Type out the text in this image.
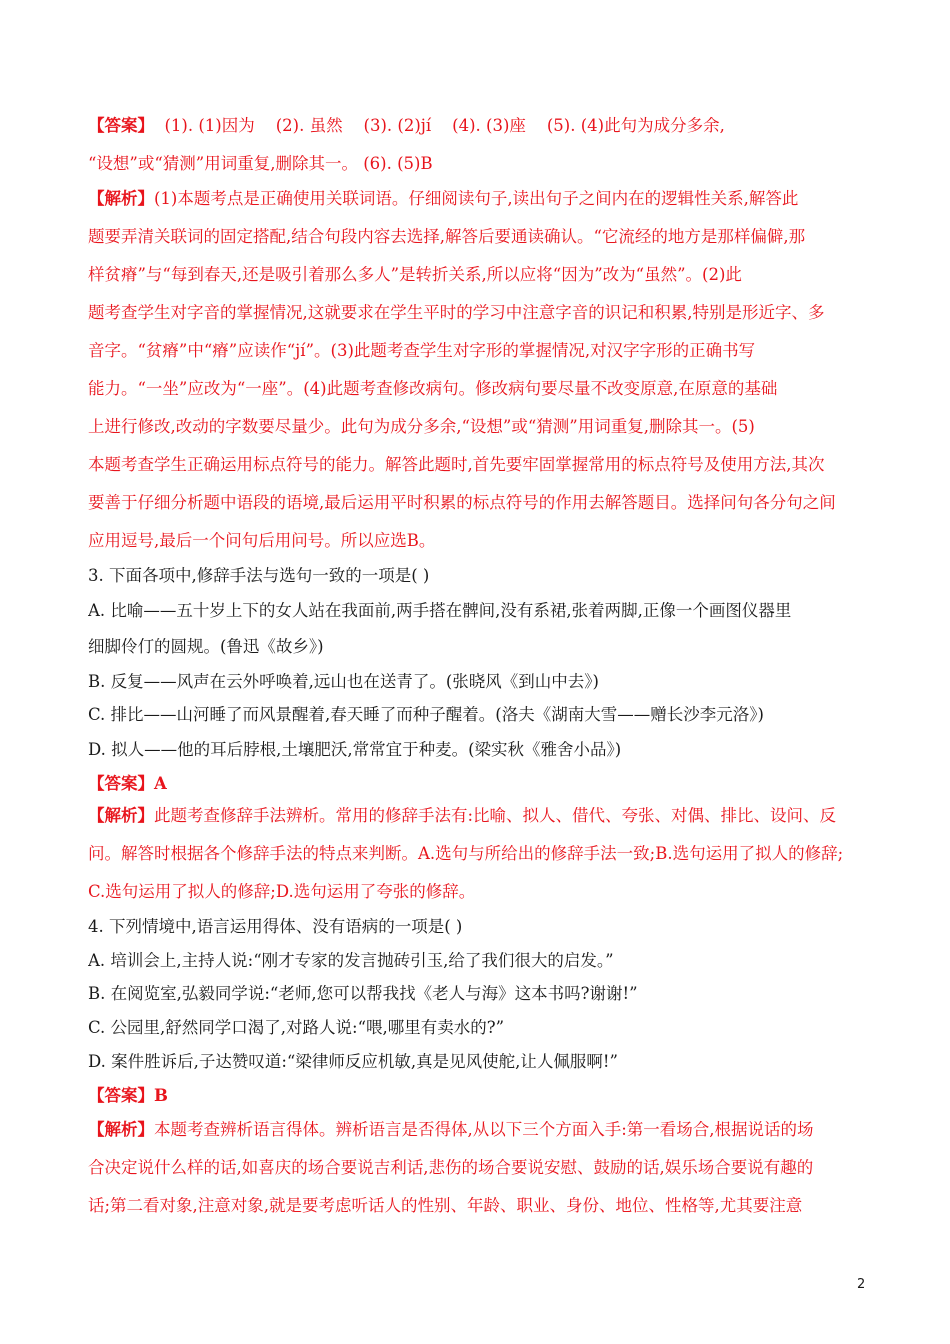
【答案】  (1). (1)因为    (2). 虽然    (3). (2)jí    (4). (3)座    (5). (4)此句为成分多余,
“设想”或“猜测”用词重复,删除其一。 (6). (5)B
【解析】(1)本题考点是正确使用关联词语。仔细阅读句子,读出句子之间内在的逻辑性关系,解答此
题要弄清关联词的固定搭配,结合句段内容去选择,解答后要通读确认。“它流经的地方是那样偏僻,那
样贫瘠”与“每到春天,还是吸引着那么多人”是转折关系,所以应将“因为”改为“虽然”。(2)此
题考查学生对字音的掌握情况,这就要求在学生平时的学习中注意字音的识记和积累,特别是形近字、多
音字。“贫瘠”中“瘠”应读作“jí”。(3)此题考查学生对字形的掌握情况,对汉字字形的正确书写
能力。“一坐”应改为“一座”。(4)此题考查修改病句。修改病句要尽量不改变原意,在原意的基础
上进行修改,改动的字数要尽量少。此句为成分多余,“设想”或“猜测”用词重复,删除其一。(5)
本题考查学生正确运用标点符号的能力。解答此题时,首先要牢固掌握常用的标点符号及使用方法,其次
要善于仔细分析题中语段的语境,最后运用平时积累的标点符号的作用去解答题目。选择问句各分句之间
应用逗号,最后一个问句后用问号。所以应选B。
3. 下面各项中,修辞手法与选句一致的一项是( )
A. 比喻——五十岁上下的女人站在我面前,两手搭在髀间,没有系裙,张着两脚,正像一个画图仪器里
细脚伶仃的圆规。(鲁迅《故乡》)
B. 反复——风声在云外呼唤着,远山也在送青了。(张晓风《到山中去》)
C. 排比——山河睡了而风景醒着,春天睡了而种子醒着。(洛夫《湖南大雪——赠长沙李元洛》)
D. 拟人——他的耳后脖根,土壤肥沃,常常宜于种麦。(梁实秋《雅舍小品》)
【答案】A
【解析】此题考查修辞手法辨析。常用的修辞手法有:比喻、拟人、借代、夸张、对偶、排比、设问、反
问。解答时根据各个修辞手法的特点来判断。A.选句与所给出的修辞手法一致;B.选句运用了拟人的修辞;
C.选句运用了拟人的修辞;D.选句运用了夸张的修辞。
4. 下列情境中,语言运用得体、没有语病的一项是( )
A. 培训会上,主持人说:“刚才专家的发言抛砖引玉,给了我们很大的启发。”
B. 在阅览室,弘毅同学说:“老师,您可以帮我找《老人与海》这本书吗?谢谢!”
C. 公园里,舒然同学口渴了,对路人说:“喂,哪里有卖水的?”
D. 案件胜诉后,子达赞叹道:“梁律师反应机敏,真是见风使舵,让人佩服啊!”
【答案】B
【解析】本题考查辨析语言得体。辨析语言是否得体,从以下三个方面入手:第一看场合,根据说话的场
合决定说什么样的话,如喜庆的场合要说吉利话,悲伤的场合要说安慰、鼓励的话,娱乐场合要说有趣的
话;第二看对象,注意对象,就是要考虑听话人的性别、年龄、职业、身份、地位、性格等,尤其要注意
2
